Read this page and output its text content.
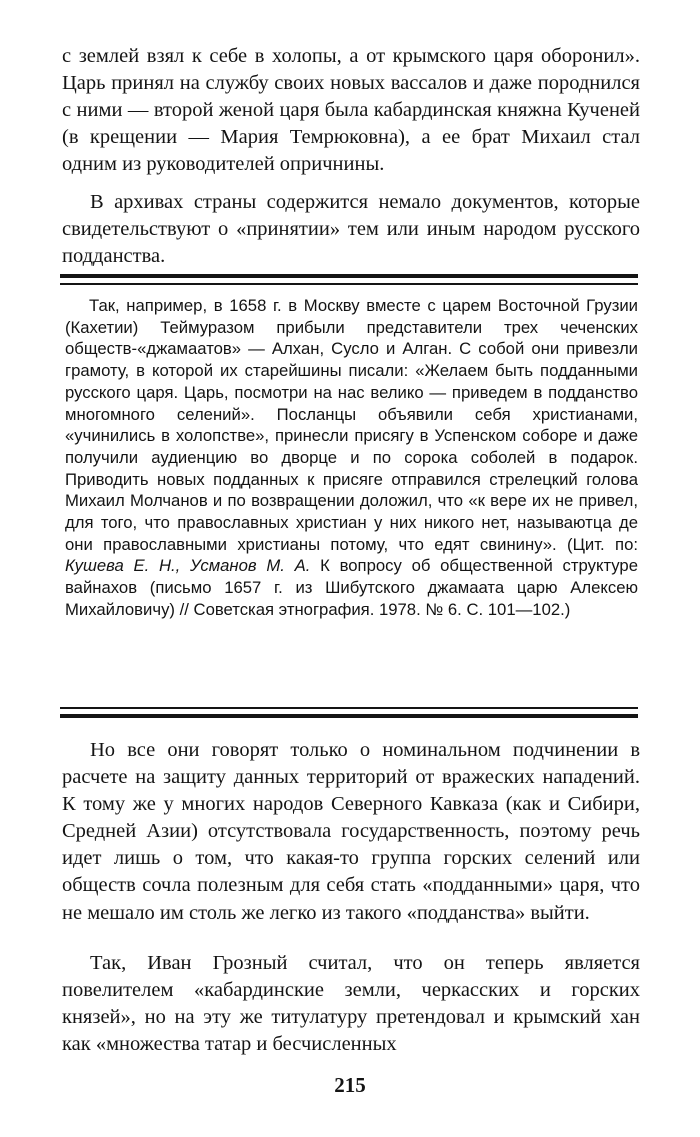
с землей взял к себе в холопы, а от крымского царя оборонил». Царь принял на службу своих новых вассалов и даже породнился с ними — второй женой царя была кабардинская княжна Кученей (в крещении — Мария Темрюковна), а ее брат Михаил стал одним из руководителей опричнины.

В архивах страны содержится немало документов, которые свидетельствуют о «принятии» тем или иным народом русского подданства.

Так, например, в 1658 г. в Москву вместе с царем Восточной Грузии (Кахетии) Теймуразом прибыли представители трех чеченских обществ-«джамаатов» — Алхан, Сусло и Алган. С собой они привезли грамоту, в которой их старейшины писали: «Желаем быть подданными русского царя. Царь, посмотри на нас велико — приведем в подданство многомного селений». Посланцы объявили себя христианами, «учинились в холопстве», принесли присягу в Успенском соборе и даже получили аудиенцию во дворце и по сорока соболей в подарок. Приводить новых подданных к присяге отправился стрелецкий голова Михаил Молчанов и по возвращении доложил, что «к вере их не привел, для того, что православных христиан у них никого нет, называютца де они православными христианы потому, что едят свинину». (Цит. по: Кушева Е. Н., Усманов М. А. К вопросу об общественной структуре вайнахов (письмо 1657 г. из Шибутского джамаата царю Алексею Михайловичу) // Советская этнография. 1978. № 6. С. 101—102.)

Но все они говорят только о номинальном подчинении в расчете на защиту данных территорий от вражеских нападений. К тому же у многих народов Северного Кавказа (как и Сибири, Средней Азии) отсутствовала государственность, поэтому речь идет лишь о том, что какая-то группа горских селений или обществ сочла полезным для себя стать «подданными» царя, что не мешало им столь же легко из такого «подданства» выйти.

Так, Иван Грозный считал, что он теперь является повелителем «кабардинские земли, черкасских и горских князей», но на эту же титулатуру претендовал и крымский хан как «множества татар и бесчисленных

215
